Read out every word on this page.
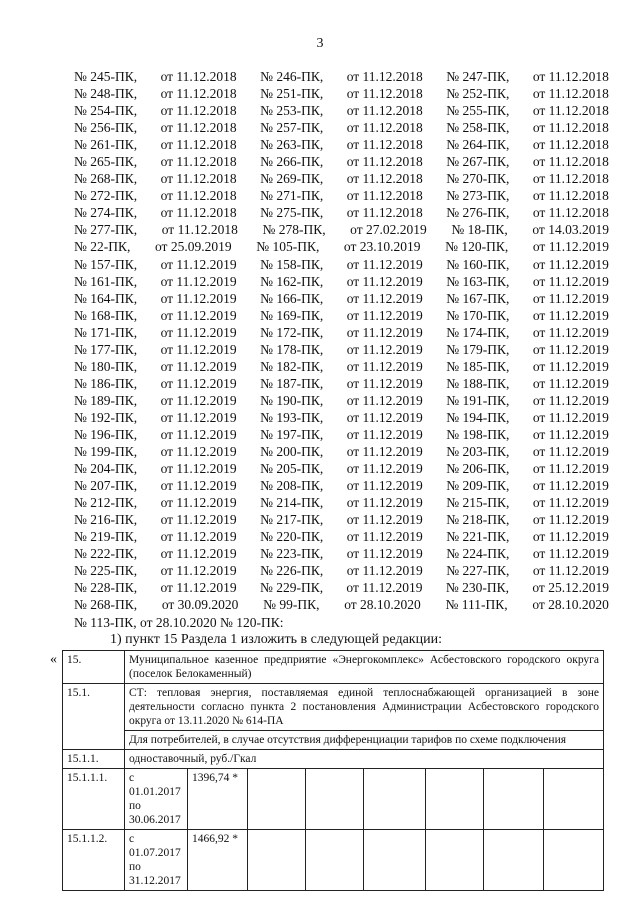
3
№ 245-ПК, от 11.12.2018 № 246-ПК, от 11.12.2018 № 247-ПК, от 11.12.2018
№ 248-ПК, от 11.12.2018 № 251-ПК, от 11.12.2018 № 252-ПК, от 11.12.2018
№ 254-ПК, от 11.12.2018 № 253-ПК, от 11.12.2018 № 255-ПК, от 11.12.2018
№ 256-ПК, от 11.12.2018 № 257-ПК, от 11.12.2018 № 258-ПК, от 11.12.2018
№ 261-ПК, от 11.12.2018 № 263-ПК, от 11.12.2018 № 264-ПК, от 11.12.2018
№ 265-ПК, от 11.12.2018 № 266-ПК, от 11.12.2018 № 267-ПК, от 11.12.2018
№ 268-ПК, от 11.12.2018 № 269-ПК, от 11.12.2018 № 270-ПК, от 11.12.2018
№ 272-ПК, от 11.12.2018 № 271-ПК, от 11.12.2018 № 273-ПК, от 11.12.2018
№ 274-ПК, от 11.12.2018 № 275-ПК, от 11.12.2018 № 276-ПК, от 11.12.2018
№ 277-ПК, от 11.12.2018 № 278-ПК, от 27.02.2019 № 18-ПК, от 14.03.2019
№ 22-ПК, от 25.09.2019 № 105-ПК, от 23.10.2019 № 120-ПК, от 11.12.2019
№ 157-ПК, от 11.12.2019 № 158-ПК, от 11.12.2019 № 160-ПК, от 11.12.2019
№ 161-ПК, от 11.12.2019 № 162-ПК, от 11.12.2019 № 163-ПК, от 11.12.2019
№ 164-ПК, от 11.12.2019 № 166-ПК, от 11.12.2019 № 167-ПК, от 11.12.2019
№ 168-ПК, от 11.12.2019 № 169-ПК, от 11.12.2019 № 170-ПК, от 11.12.2019
№ 171-ПК, от 11.12.2019 № 172-ПК, от 11.12.2019 № 174-ПК, от 11.12.2019
№ 177-ПК, от 11.12.2019 № 178-ПК, от 11.12.2019 № 179-ПК, от 11.12.2019
№ 180-ПК, от 11.12.2019 № 182-ПК, от 11.12.2019 № 185-ПК, от 11.12.2019
№ 186-ПК, от 11.12.2019 № 187-ПК, от 11.12.2019 № 188-ПК, от 11.12.2019
№ 189-ПК, от 11.12.2019 № 190-ПК, от 11.12.2019 № 191-ПК, от 11.12.2019
№ 192-ПК, от 11.12.2019 № 193-ПК, от 11.12.2019 № 194-ПК, от 11.12.2019
№ 196-ПК, от 11.12.2019 № 197-ПК, от 11.12.2019 № 198-ПК, от 11.12.2019
№ 199-ПК, от 11.12.2019 № 200-ПК, от 11.12.2019 № 203-ПК, от 11.12.2019
№ 204-ПК, от 11.12.2019 № 205-ПК, от 11.12.2019 № 206-ПК, от 11.12.2019
№ 207-ПК, от 11.12.2019 № 208-ПК, от 11.12.2019 № 209-ПК, от 11.12.2019
№ 212-ПК, от 11.12.2019 № 214-ПК, от 11.12.2019 № 215-ПК, от 11.12.2019
№ 216-ПК, от 11.12.2019 № 217-ПК, от 11.12.2019 № 218-ПК, от 11.12.2019
№ 219-ПК, от 11.12.2019 № 220-ПК, от 11.12.2019 № 221-ПК, от 11.12.2019
№ 222-ПК, от 11.12.2019 № 223-ПК, от 11.12.2019 № 224-ПК, от 11.12.2019
№ 225-ПК, от 11.12.2019 № 226-ПК, от 11.12.2019 № 227-ПК, от 11.12.2019
№ 228-ПК, от 11.12.2019 № 229-ПК, от 11.12.2019 № 230-ПК, от 25.12.2019
№ 268-ПК, от 30.09.2020 № 99-ПК, от 28.10.2020 № 111-ПК, от 28.10.2020
№ 113-ПК, от 28.10.2020 № 120-ПК:
1) пункт 15 Раздела 1 изложить в следующей редакции:
« 15.	Муниципальное казенное предприятие «Энергокомплекс» Асбестовского городского округа (поселок Белокаменный)							
15.1.	СТ: тепловая энергия, поставляемая единой теплоснабжающей организацией в зоне деятельности согласно пункта 2 постановления Администрации Асбестовского городского округа от 13.11.2020 № 614-ПА							
	Для потребителей, в случае отсутствия дифференциации тарифов по схеме подключения							
15.1.1.	одноставочный, руб./Гкал							
15.1.1.1.	с 01.01.2017 по 30.06.2017	1396,74 *						
15.1.1.2.	с 01.07.2017 по 31.12.2017	1466,92 *						
